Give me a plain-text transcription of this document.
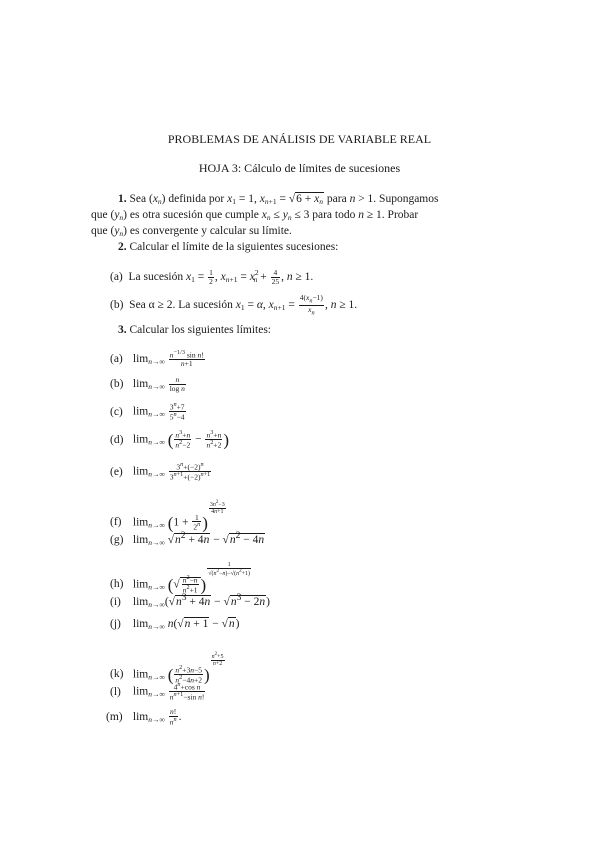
PROBLEMAS DE ANÁLISIS DE VARIABLE REAL
HOJA 3: Cálculo de límites de sucesiones
1. Sea $(x_n)$ definida por $x_1 = 1$, $x_{n+1} = √6 + x_n$ para n > 1. Supongamos
que $(y_n)$ es otra sucesión que cumple $x_n \le y_n \le 3$ para todo n ≥ 1. Probar
que $(y_n)$ es convergente y calcular su límite.
2. Calcular el límite de la siguientes sucesiones:
(a) La sucesión $x_1 = \frac{1}{2}$ , $x_{n+1} = x^2_n + \frac{4}{25}$ , n ≥ 1.
(b) Sea α ≥ 2. La sucesión $x_1 = \alpha$, $x_{n+1} = \frac{4(x_n-1)}{x_n}$ , n ≥ 1.
3. Calcular los siguientes límites:
(a) $\lim n\to\infty \frac{n^{-1/3} \sin n!}{n+1}$
(b) $\lim n\to\infty \frac{n}{\text{log n}}$
(c) $\lim n\to\infty \frac{3^n+7}{5^n-4}$
(d) limn→∞ ( $\frac{n^3+n}{n^2-2} - \frac{n^3+n}{n^2+2}$ )
(e) $\lim n\to\infty \frac{3^n+(-2)^n}{3^{n+1}+(-2)^{n+1}}$
(f) limn→∞ ($1 + \frac{1}{2^n}$ )
$\frac{3n^2-3}{4n+1}$
(g) limn→∞ $√n^2 + 4n - √n^2 - 4n$
(h) limn→∞ (√ $\frac{n^2-n}{n^2+1}$ )
$\frac{1}{√(n^2-n)-√(n^2+1)}$
(i) $\lim n\to\infty(√n^3 + 4n - √n^3 - 2n)$
(j) limn→∞ n(√n + 1 − √n)
(k) limn→∞ ( $\frac{n^2+3n-5}{n^2-4n+2}$ )
$\frac{n^2+5}{n+2}$
(l) $\lim n\to\infty \frac{4^n+\cos n}{n^{n+1}-\sin n!}$
(m) $\lim n\to\infty \frac{n!}{n^n}$ .
